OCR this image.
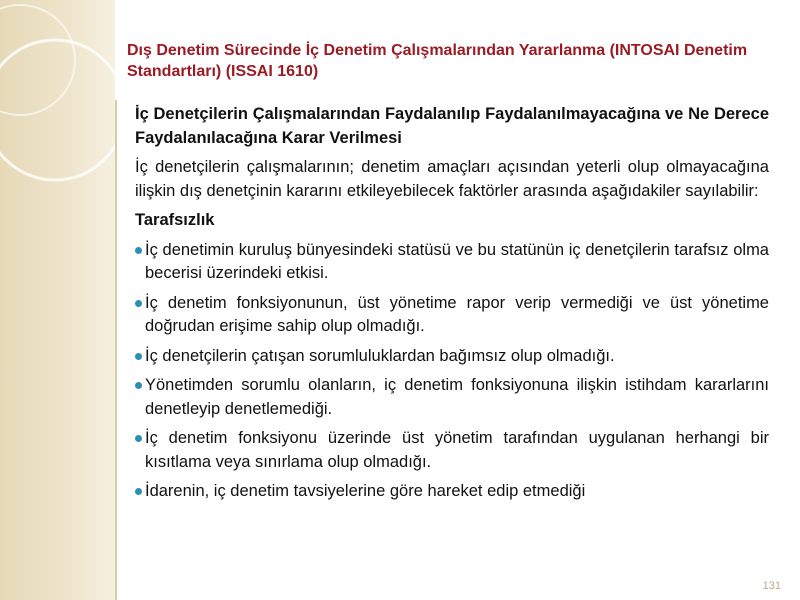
Dış Denetim Sürecinde İç Denetim Çalışmalarından Yararlanma (INTOSAI Denetim Standartları) (ISSAI 1610)

İç Denetçilerin Çalışmalarından Faydalanılıp Faydalanılmayacağına ve Ne Derece Faydalanılacağına Karar Verilmesi

İç denetçilerin çalışmalarının; denetim amaçları açısından yeterli olup olmayacağına ilişkin dış denetçinin kararını etkileyebilecek faktörler arasında aşağıdakiler sayılabilir:

Tarafsızlık

İç denetimin kuruluş bünyesindeki statüsü ve bu statünün iç denetçilerin tarafsız olma becerisi üzerindeki etkisi.
İç denetim fonksiyonunun, üst yönetime rapor verip vermediği ve üst yönetime doğrudan erişime sahip olup olmadığı.
İç denetçilerin çatışan sorumluluklardan bağımsız olup olmadığı.
Yönetimden sorumlu olanların, iç denetim fonksiyonuna ilişkin istihdam kararlarını denetleyip denetlemediği.
İç denetim fonksiyonu üzerinde üst yönetim tarafından uygulanan herhangi bir kısıtlama veya sınırlama olup olmadığı.
İdarenin, iç denetim tavsiyelerine göre hareket edip etmediği
131
